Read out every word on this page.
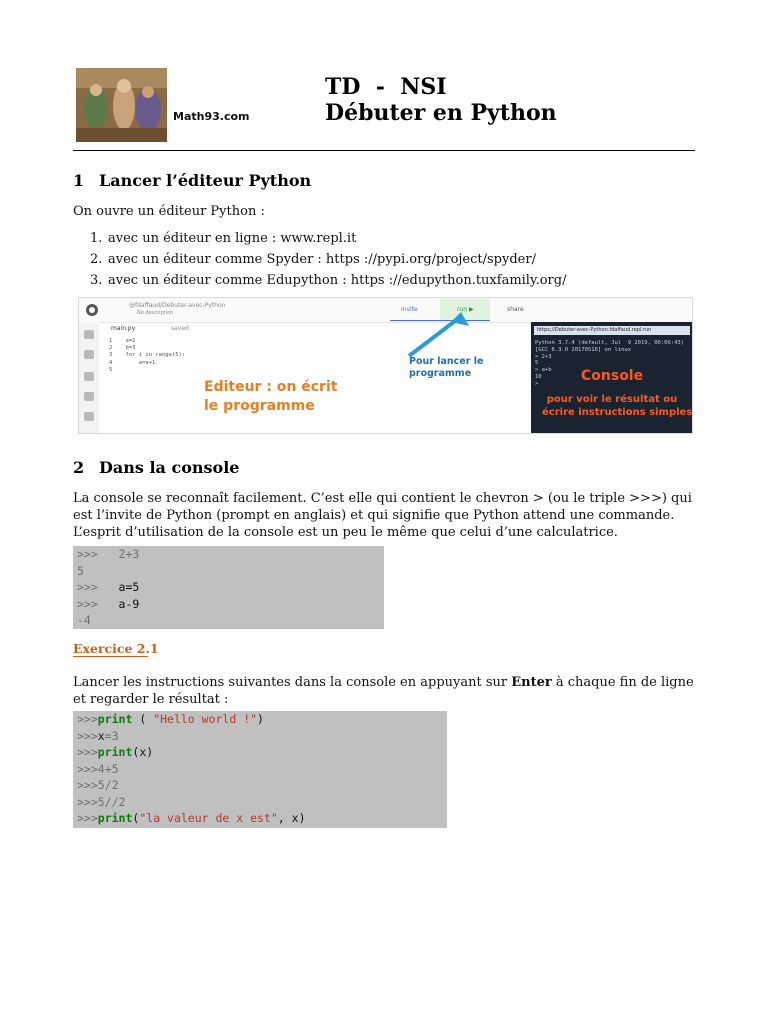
Math93.com
TD  -  NSI
Débuter en Python
1 Lancer l’éditeur Python
On ouvre un éditeur Python :
1. avec un éditeur en ligne : www.repl.it
2. avec un éditeur comme Spyder : https ://pypi.org/project/spyder/
3. avec un éditeur comme Edupython : https ://edupython.tuxfamily.org/
@fdaffaud/Debuter-avec-Python
No description	invite	run ▶	share
main.py	saved
1    a=2
2    b=3
3    for i in range(5):
4        a=a+1
5
Editeur : on écrit
le programme
Pour lancer le
programme
https://Debuter-avec-Python.fdaffaud.repl.run
Python 3.7.4 (default, Jul  9 2019, 00:06:43)
[GCC 6.3.0 20170516] on linux
> 2+3
5
> a+b
10
>	Console
pour voir le résultat ou
écrire instructions simples
2 Dans la console
La console se reconnaît facilement. C’est elle qui contient le chevron > (ou le triple >>>) qui est l’invite de Python (prompt en anglais) et qui signifie que Python attend une commande.
L’esprit d’utilisation de la console est un peu le même que celui d’une calculatrice.
>>>   2+3
5
>>>   a=5
>>>   a-9
-4
Exercice 2.1
Lancer les instructions suivantes dans la console en appuyant sur Enter à chaque fin de ligne et regarder le résultat :
>>>print ( "Hello world !")
>>>x=3
>>>print(x)
>>>4+5
>>>5/2
>>>5//2
>>>print("la valeur de x est", x)
